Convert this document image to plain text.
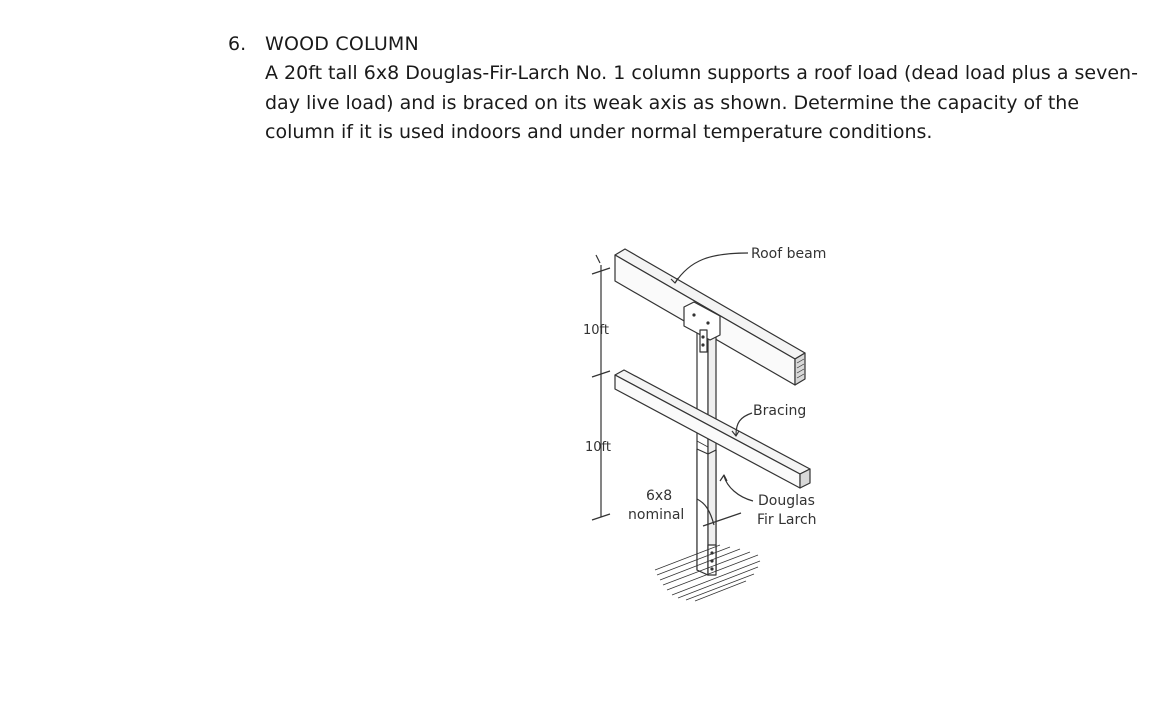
6. WOOD COLUMN
A 20ft tall 6x8 Douglas-Fir-Larch No. 1 column supports a roof load (dead load plus a seven-day live load) and is braced on its weak axis as shown. Determine the capacity of the column if it is used indoors and under normal temperature conditions.
Roof beam
Bracing
Douglas
Fir Larch
6x8
nominal
10ft
10ft
